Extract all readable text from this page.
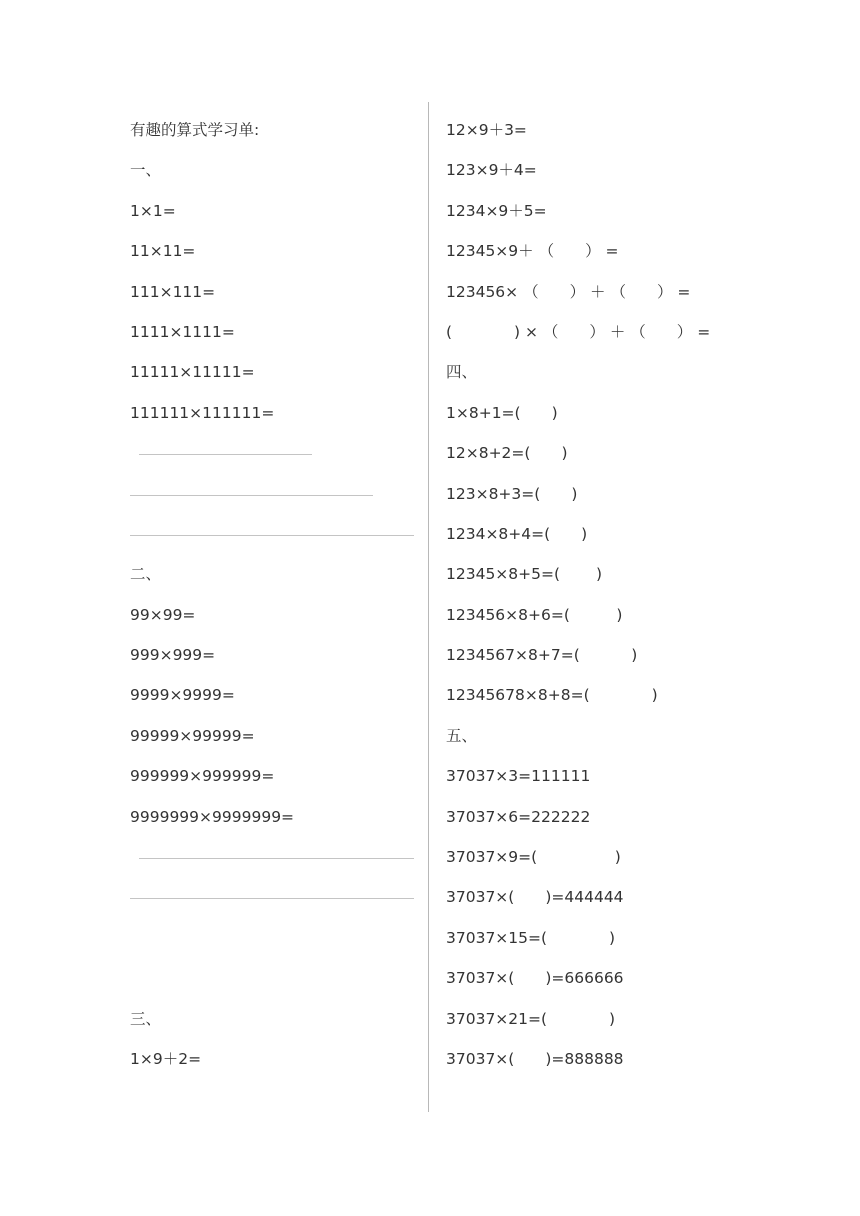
有趣的算式学习单:
一、
1×1=
11×11=
111×111=
1111×1111=
11111×11111=
111111×111111=
二、
99×99=
999×999=
9999×9999=
99999×99999=
999999×999999=
9999999×9999999=
三、
1×9＋2=
12×9＋3=
123×9＋4=
1234×9＋5=
12345×9＋ （　　） =
123456× （　　） ＋ （　　） =
(　　　　) × （　　） ＋ （　　） =
四、
1×8+1=(　　)
12×8+2=(　　)
123×8+3=(　　)
1234×8+4=(　　)
12345×8+5=(　　 )
123456×8+6=(　　　)
1234567×8+7=(　　　 )
12345678×8+8=(　　　　)
五、
37037×3=111111
37037×6=222222
37037×9=(　　　　　)
37037×(　　)=444444
37037×15=(　　　　)
37037×(　　)=666666
37037×21=(　　　　)
37037×(　　)=888888
